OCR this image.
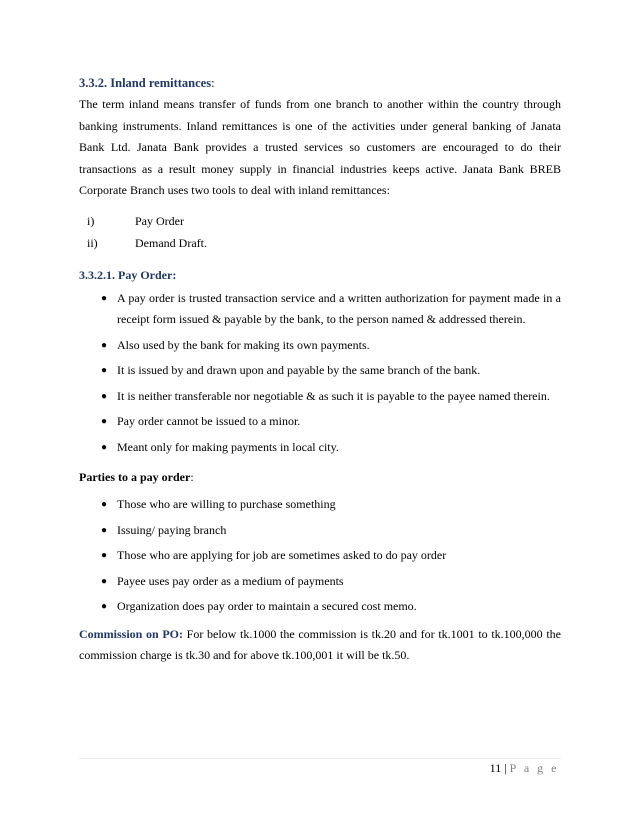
3.3.2. Inland remittances:

The term inland means transfer of funds from one branch to another within the country through banking instruments. Inland remittances is one of the activities under general banking of Janata Bank Ltd. Janata Bank provides a trusted services so customers are encouraged to do their transactions as a result money supply in financial industries keeps active. Janata Bank BREB Corporate Branch uses two tools to deal with inland remittances:

i)	Pay Order
ii)	Demand Draft.
3.3.2.1. Pay Order:
● A pay order is trusted transaction service and a written authorization for payment made in a receipt form issued & payable by the bank, to the person named & addressed therein.
● Also used by the bank for making its own payments.
● It is issued by and drawn upon and payable by the same branch of the bank.
● It is neither transferable nor negotiable & as such it is payable to the payee named therein.
● Pay order cannot be issued to a minor.
● Meant only for making payments in local city.
Parties to a pay order:
● Those who are willing to purchase something
● Issuing/ paying branch
● Those who are applying for job are sometimes asked to do pay order
● Payee uses pay order as a medium of payments
● Organization does pay order to maintain a secured cost memo.

Commission on PO: For below tk.1000 the commission is tk.20 and for tk.1001 to tk.100,000 the commission charge is tk.30 and for above tk.100,001 it will be tk.50.

11 | P a g e
